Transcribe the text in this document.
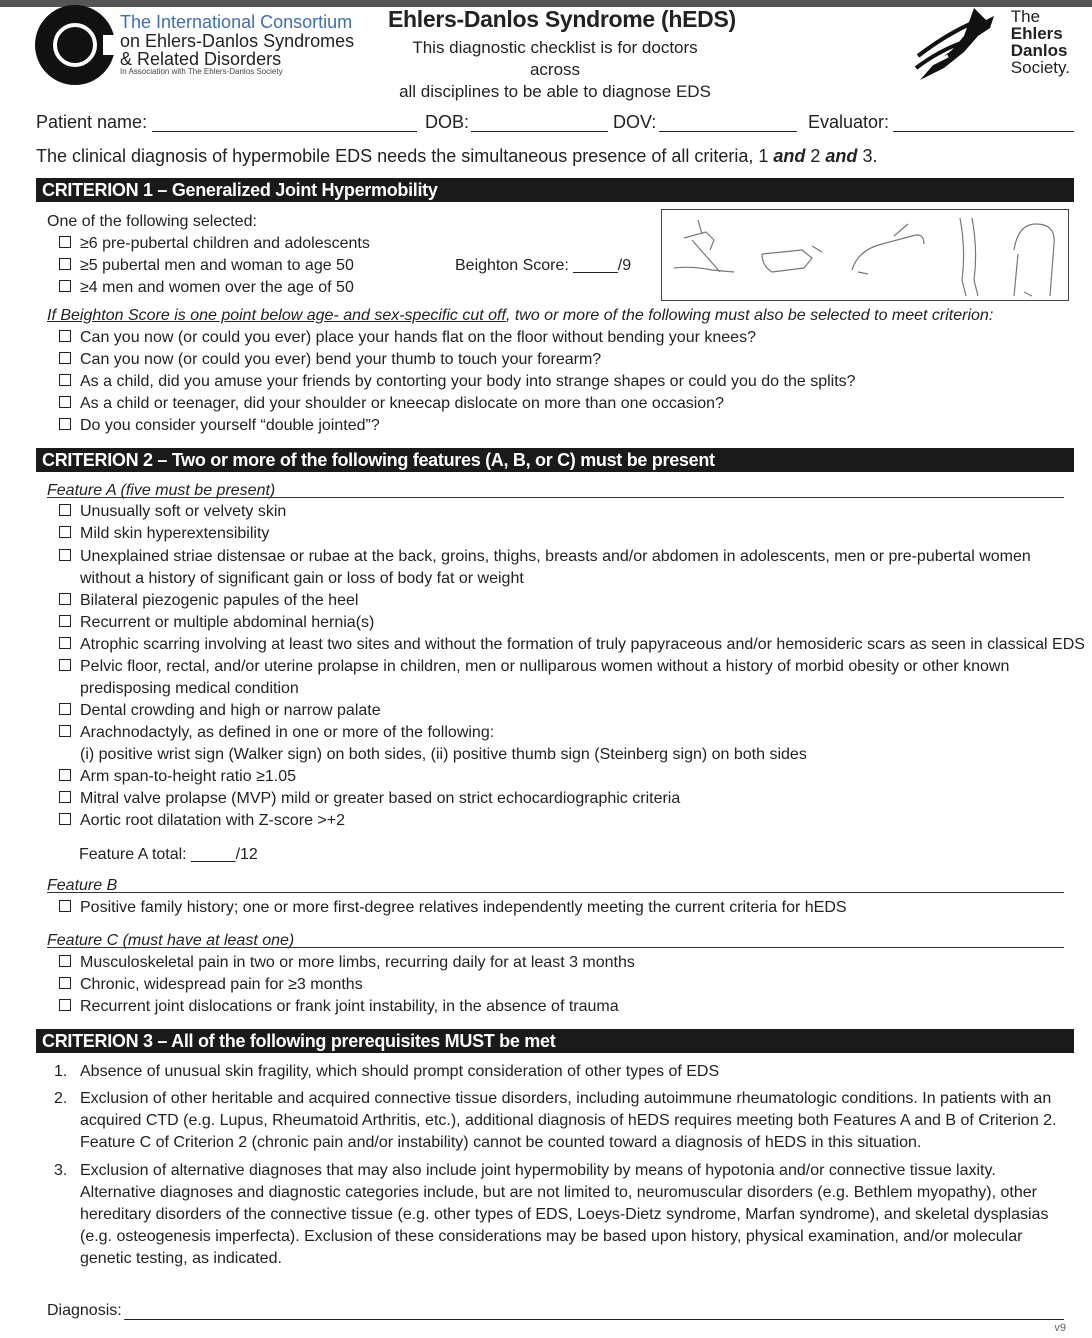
The International Consortium
on Ehlers-Danlos Syndromes
& Related Disorders
In Association with The Ehlers-Danlos Society
Ehlers-Danlos Syndrome (hEDS)
This diagnostic checklist is for doctors across
all disciplines to be able to diagnose EDS
The
Ehlers
Danlos
Society.
Patient name:	DOB:	DOV:	Evaluator:
The clinical diagnosis of hypermobile EDS needs the simultaneous presence of all criteria, 1 and 2 and 3.
CRITERION 1 – Generalized Joint Hypermobility
One of the following selected:
≥6 pre-pubertal children and adolescents
≥5 pubertal men and woman to age 50
≥4 men and women over the age of 50
Beighton Score: _____/9
If Beighton Score is one point below age- and sex-specific cut off, two or more of the following must also be selected to meet criterion:
Can you now (or could you ever) place your hands flat on the floor without bending your knees?
Can you now (or could you ever) bend your thumb to touch your forearm?
As a child, did you amuse your friends by contorting your body into strange shapes or could you do the splits?
As a child or teenager, did your shoulder or kneecap dislocate on more than one occasion?
Do you consider yourself “double jointed”?
CRITERION 2 – Two or more of the following features (A, B, or C) must be present
Feature A (five must be present)
Unusually soft or velvety skin
Mild skin hyperextensibility
Unexplained striae distensae or rubae at the back, groins, thighs, breasts and/or abdomen in adolescents, men or pre-pubertal women
without a history of significant gain or loss of body fat or weight
Bilateral piezogenic papules of the heel
Recurrent or multiple abdominal hernia(s)
Atrophic scarring involving at least two sites and without the formation of truly papyraceous and/or hemosideric scars as seen in classical EDS
Pelvic floor, rectal, and/or uterine prolapse in children, men or nulliparous women without a history of morbid obesity or other known
predisposing medical condition
Dental crowding and high or narrow palate
Arachnodactyly, as defined in one or more of the following:
(i) positive wrist sign (Walker sign) on both sides, (ii) positive thumb sign (Steinberg sign) on both sides
Arm span-to-height ratio ≥1.05
Mitral valve prolapse (MVP) mild or greater based on strict echocardiographic criteria
Aortic root dilatation with Z-score >+2
Feature A total: _____/12
Feature B
Positive family history; one or more first-degree relatives independently meeting the current criteria for hEDS
Feature C (must have at least one)
Musculoskeletal pain in two or more limbs, recurring daily for at least 3 months
Chronic, widespread pain for ≥3 months
Recurrent joint dislocations or frank joint instability, in the absence of trauma
CRITERION 3 – All of the following prerequisites MUST be met
1. Absence of unusual skin fragility, which should prompt consideration of other types of EDS
2. Exclusion of other heritable and acquired connective tissue disorders, including autoimmune rheumatologic conditions. In patients with an acquired CTD (e.g. Lupus, Rheumatoid Arthritis, etc.), additional diagnosis of hEDS requires meeting both Features A and B of Criterion 2. Feature C of Criterion 2 (chronic pain and/or instability) cannot be counted toward a diagnosis of hEDS in this situation.
3. Exclusion of alternative diagnoses that may also include joint hypermobility by means of hypotonia and/or connective tissue laxity. Alternative diagnoses and diagnostic categories include, but are not limited to, neuromuscular disorders (e.g. Bethlem myopathy), other hereditary disorders of the connective tissue (e.g. other types of EDS, Loeys-Dietz syndrome, Marfan syndrome), and skeletal dysplasias (e.g. osteogenesis imperfecta). Exclusion of these considerations may be based upon history, physical examination, and/or molecular genetic testing, as indicated.
Diagnosis:
v9
